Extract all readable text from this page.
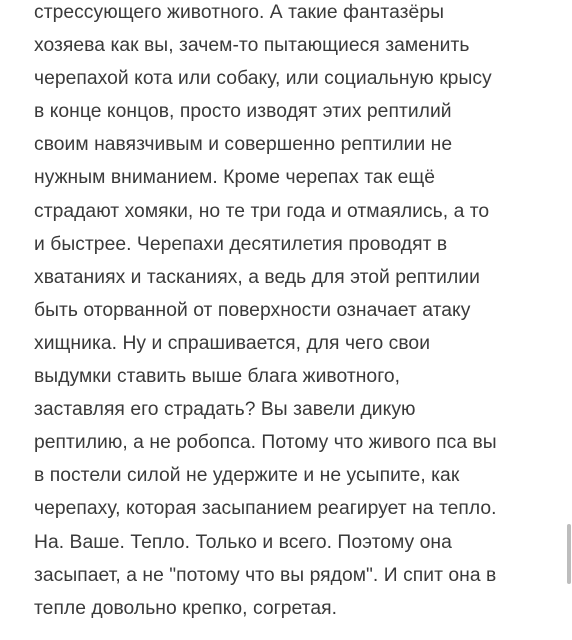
стрессующего животного. А такие фантазёры
хозяева как вы, зачем-то пытающиеся заменить
черепахой кота или собаку, или социальную крысу
в конце концов, просто изводят этих рептилий
своим навязчивым и совершенно рептилии не
нужным вниманием. Кроме черепах так ещё
страдают хомяки, но те три года и отмаялись, а то
и быстрее. Черепахи десятилетия проводят в
хватаниях и тасканиях, а ведь для этой рептилии
быть оторванной от поверхности означает атаку
хищника. Ну и спрашивается, для чего свои
выдумки ставить выше блага животного,
заставляя его страдать? Вы завели дикую
рептилию, а не робопса. Потому что живого пса вы
в постели силой не удержите и не усыпите, как
черепаху, которая засыпанием реагирует на тепло.
На. Ваше. Тепло. Только и всего. Поэтому она
засыпает, а не "потому что вы рядом". И спит она в
тепле довольно крепко, согретая.
